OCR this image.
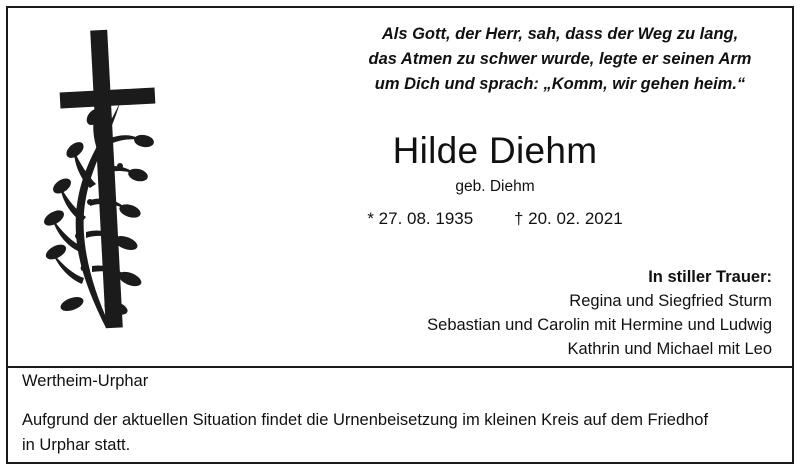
Als Gott, der Herr, sah, dass der Weg zu lang,
das Atmen zu schwer wurde, legte er seinen Arm
um Dich und sprach: „Komm, wir gehen heim.“
Hilde Diehm
geb. Diehm
* 27. 08. 1935 † 20. 02. 2021
In stiller Trauer:
Regina und Siegfried Sturm
Sebastian und Carolin mit Hermine und Ludwig
Kathrin und Michael mit Leo
Wertheim-Urphar
Aufgrund der aktuellen Situation findet die Urnenbeisetzung im kleinen Kreis auf dem Friedhof
in Urphar statt.
